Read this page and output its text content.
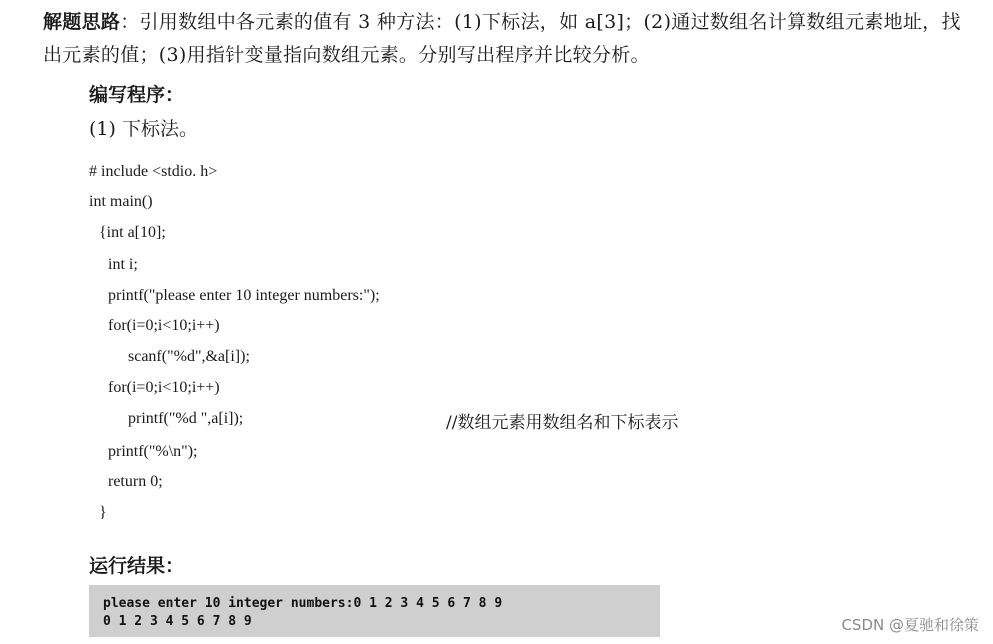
解题思路：引用数组中各元素的值有 3 种方法：(1)下标法，如 a[3]；(2)通过数组名计算数组元素地址，找出元素的值；(3)用指针变量指向数组元素。分别写出程序并比较分析。
编写程序：
(1) 下标法。
# include <stdio. h>
int main()
{int a[10];
int i;
printf("please enter 10 integer numbers:");
for(i=0;i<10;i++)
scanf("%d",&a[i]);
for(i=0;i<10;i++)
printf("%d ",a[i]);
printf("%\n");
return 0;
}
//数组元素用数组名和下标表示
运行结果：
please enter 10 integer numbers:0 1 2 3 4 5 6 7 8 9
0 1 2 3 4 5 6 7 8 9	CSDN @夏驰和徐策
